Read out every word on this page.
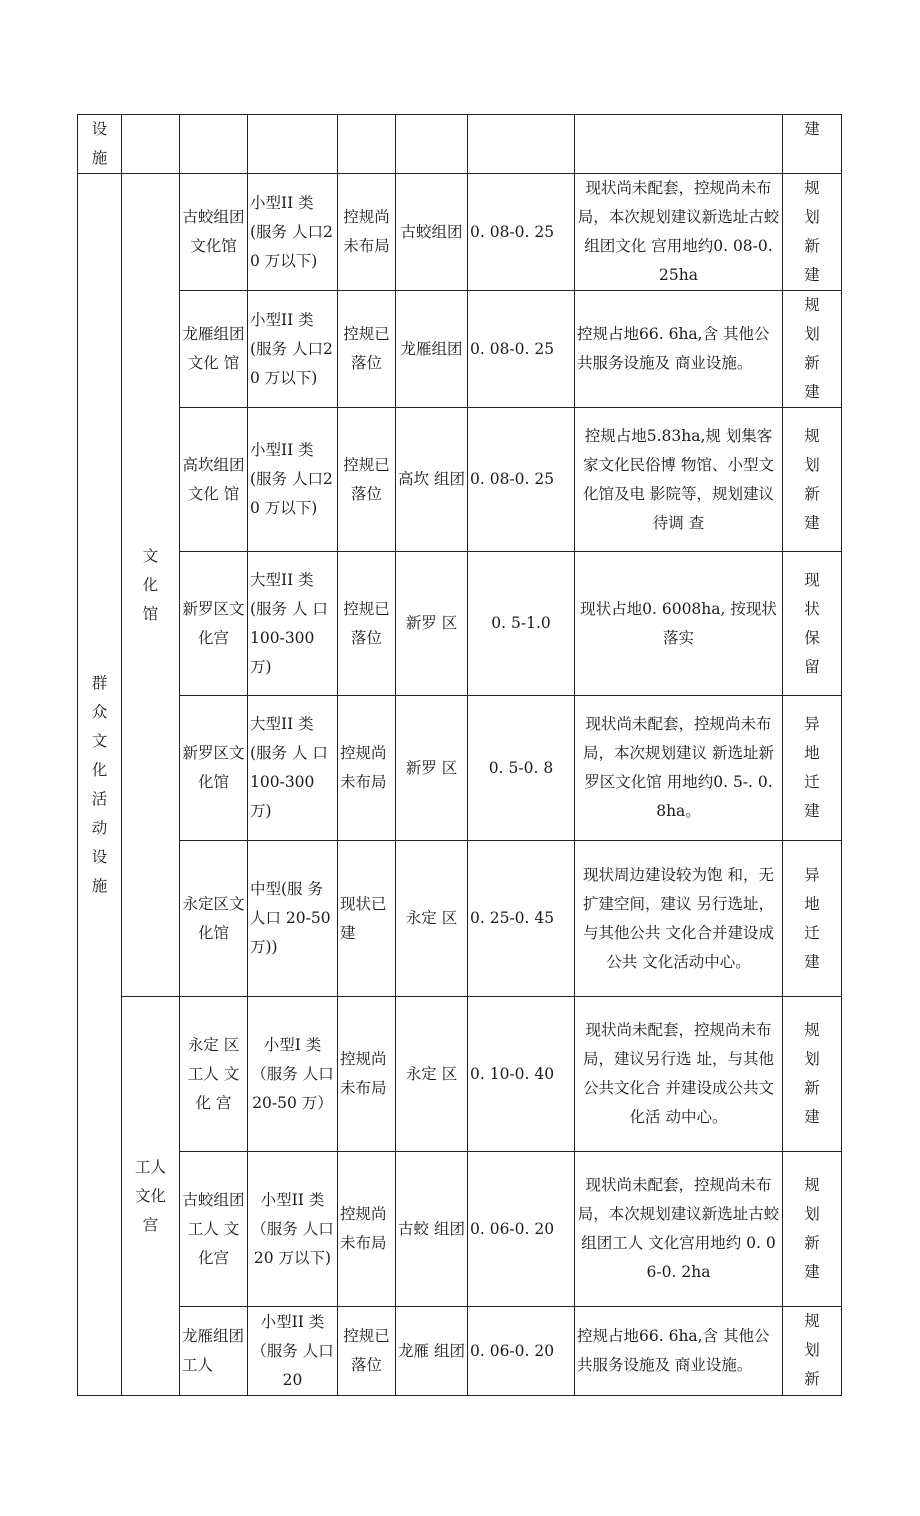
设施								建

群众文化活动设施	文化馆	古蛟组团 文化馆	小型II 类(服务 人口20 万以下)	控规尚未布局	古蛟组团	0. 08-0. 25	现状尚未配套，控规尚未布局，本次规划建议新选址古蛟组团文化 宫用地约0. 08-0. 25ha	规划新建

		龙雁组团 文化 馆	小型II 类(服务 人口20 万以下)	控规已落位	龙雁组团	0. 08-0. 25	控规占地66. 6ha,含 其他公共服务设施及 商业设施。	规划新建

		高坎组团 文化 馆	小型II 类(服务 人口20 万以下)	控规已落位	高坎 组团	0. 08-0. 25	控规占地5.83ha,规 划集客家文化民俗博 物馆、小型文化馆及电 影院等，规划建议待调 查	规划新建

		新罗区文 化宫	大型II 类(服务 人 口100-300 万)	控规已落位	新罗 区	0. 5-1.0	现状占地0. 6008ha, 按现状落实	现状保留

		新罗区文 化馆	大型II 类(服务 人 口100-300 万)	控规尚未布局	新罗 区	0. 5-0. 8	现状尚未配套，控规尚未布局，本次规划建议 新选址新罗区文化馆 用地约0. 5-. 0. 8ha。	异地迁建

		永定区文 化馆	中型(服 务人口 20-50万))	现状已建	永定 区	0. 25-0. 45	现状周边建设较为饱 和，无扩建空间，建议 另行选址，与其他公共 文化合并建设成公共 文化活动中心。	异地迁建

	工人文化宫	永定 区工人 文化 宫	小型I 类（服务 人口 20-50 万）	控规尚未布局	永定 区	0. 10-0. 40	现状尚未配套，控规尚未布局，建议另行选 址，与其他公共文化合 并建设成公共文化活 动中心。	规划新建

		古蛟组团 工人 文化宫	小型II 类（服务 人口 20 万以下)	控规尚未布局	古蛟 组团	0. 06-0. 20	现状尚未配套，控规尚未布局，本次规划建议新选址古蛟组团工人 文化宫用地约 0. 06-0. 2ha	规划新建

		龙雁组团 工人	小型II 类（服务 人口 20	控规已落位	龙雁 组团	0. 06-0. 20	控规占地66. 6ha,含 其他公共服务设施及 商业设施。	规划新
